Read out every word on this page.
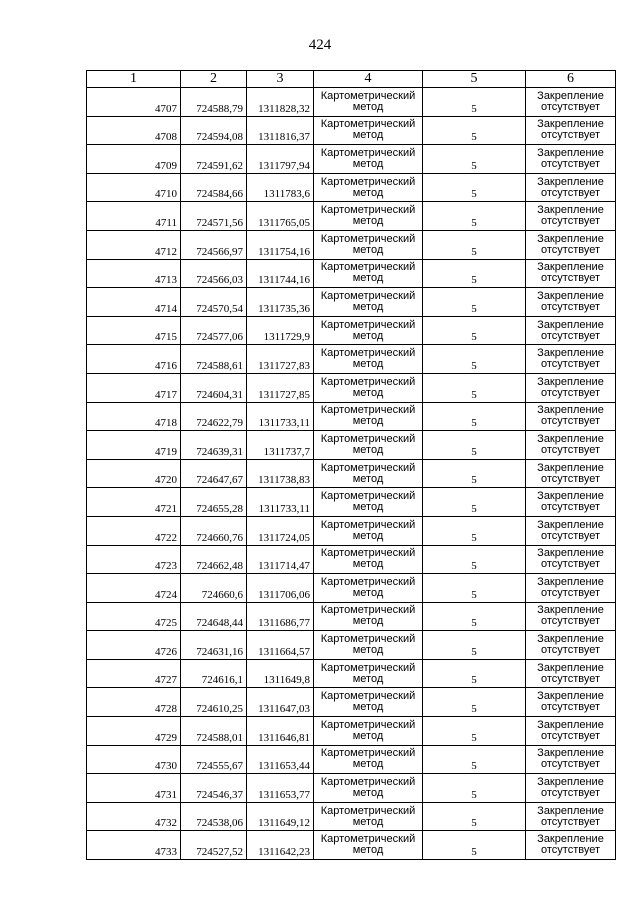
424
1	2	3	4	5	6
4707	724588,79	1311828,32	Картометрический метод	5	Закрепление отсутствует
4708	724594,08	1311816,37	Картометрический метод	5	Закрепление отсутствует
4709	724591,62	1311797,94	Картометрический метод	5	Закрепление отсутствует
4710	724584,66	1311783,6	Картометрический метод	5	Закрепление отсутствует
4711	724571,56	1311765,05	Картометрический метод	5	Закрепление отсутствует
4712	724566,97	1311754,16	Картометрический метод	5	Закрепление отсутствует
4713	724566,03	1311744,16	Картометрический метод	5	Закрепление отсутствует
4714	724570,54	1311735,36	Картометрический метод	5	Закрепление отсутствует
4715	724577,06	1311729,9	Картометрический метод	5	Закрепление отсутствует
4716	724588,61	1311727,83	Картометрический метод	5	Закрепление отсутствует
4717	724604,31	1311727,85	Картометрический метод	5	Закрепление отсутствует
4718	724622,79	1311733,11	Картометрический метод	5	Закрепление отсутствует
4719	724639,31	1311737,7	Картометрический метод	5	Закрепление отсутствует
4720	724647,67	1311738,83	Картометрический метод	5	Закрепление отсутствует
4721	724655,28	1311733,11	Картометрический метод	5	Закрепление отсутствует
4722	724660,76	1311724,05	Картометрический метод	5	Закрепление отсутствует
4723	724662,48	1311714,47	Картометрический метод	5	Закрепление отсутствует
4724	724660,6	1311706,06	Картометрический метод	5	Закрепление отсутствует
4725	724648,44	1311686,77	Картометрический метод	5	Закрепление отсутствует
4726	724631,16	1311664,57	Картометрический метод	5	Закрепление отсутствует
4727	724616,1	1311649,8	Картометрический метод	5	Закрепление отсутствует
4728	724610,25	1311647,03	Картометрический метод	5	Закрепление отсутствует
4729	724588,01	1311646,81	Картометрический метод	5	Закрепление отсутствует
4730	724555,67	1311653,44	Картометрический метод	5	Закрепление отсутствует
4731	724546,37	1311653,77	Картометрический метод	5	Закрепление отсутствует
4732	724538,06	1311649,12	Картометрический метод	5	Закрепление отсутствует
4733	724527,52	1311642,23	Картометрический метод	5	Закрепление отсутствует
